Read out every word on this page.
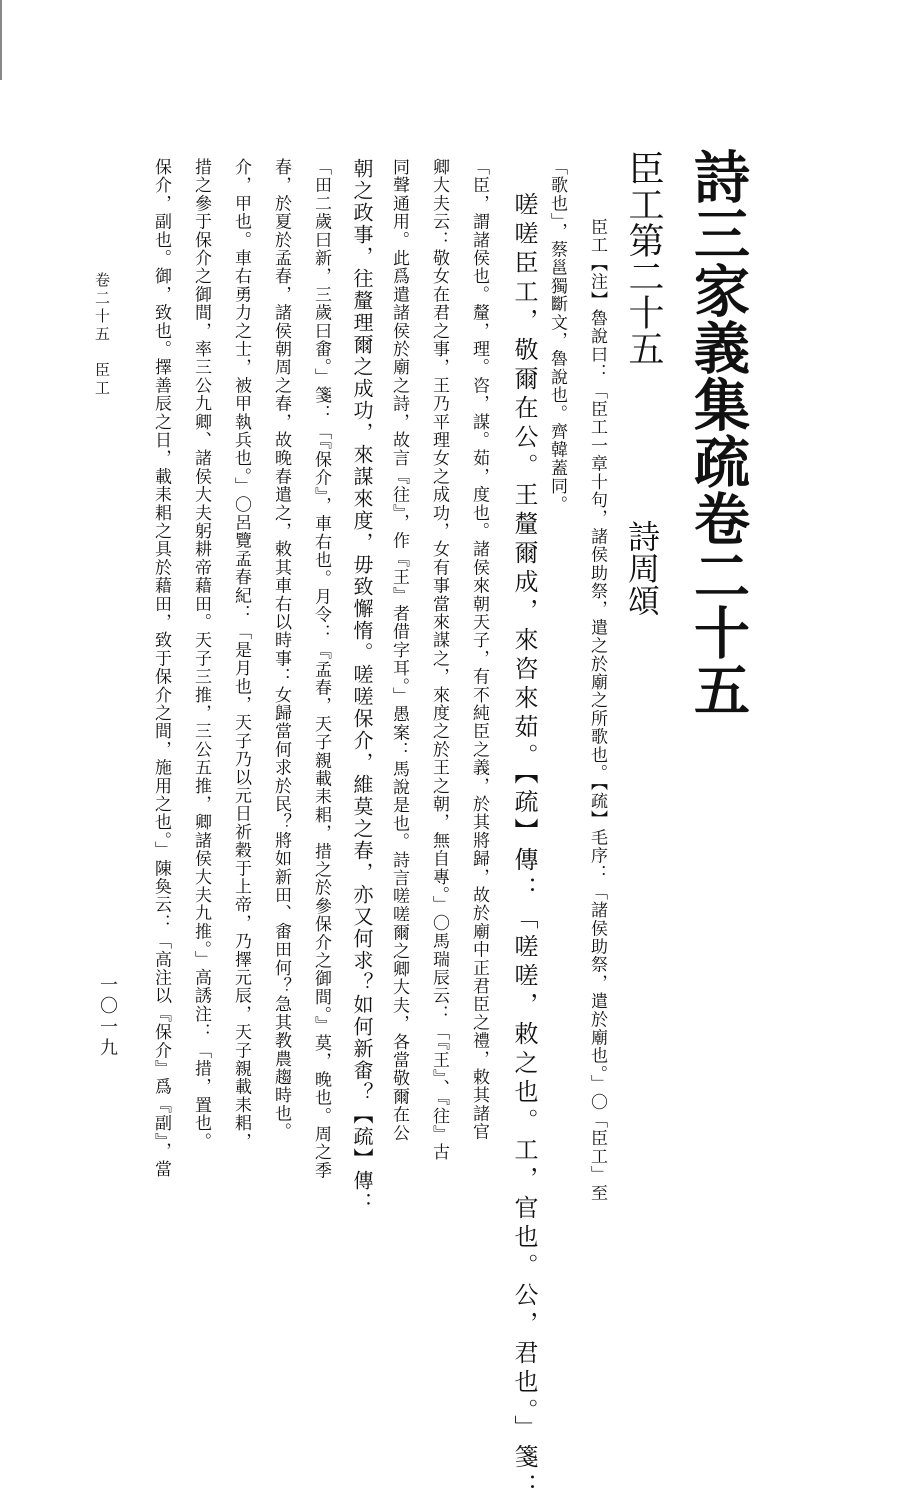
詩三家義集疏卷二十五
臣工第二十五
詩周頌
臣工【注】魯說曰：「臣工一章十句，諸侯助祭，遣之於廟之所歌也。【疏】毛序：「諸侯助祭，遣於廟也。」〇「臣工」至
「歌也」，蔡邕獨斷文，魯說也。齊韓蓋同。
嗟嗟臣工，敬爾在公。王釐爾成，來咨來茹。【疏】傳：「嗟嗟，敕之也。工，官也。公，君也。」箋：
「臣，謂諸侯也。釐，理。咨，謀。茹，度也。諸侯來朝天子，有不純臣之義，於其將歸，故於廟中正君臣之禮，敕其諸官
卿大夫云：敬女在君之事，王乃平理女之成功，女有事當來謀之，來度之於王之朝，無自專。」〇馬瑞辰云：「『王』、『往』古
同聲通用。此爲遣諸侯於廟之詩，故言『往』，作『王』者借字耳。」愚案：馬說是也。詩言嗟嗟爾之卿大夫，各當敬爾在公
朝之政事，往釐理爾之成功，來謀來度，毋致懈惰。嗟嗟保介，維莫之春，亦又何求？如何新畬？【疏】傳：
「田二歲曰新，三歲曰畬。」箋：「『保介』，車右也。月令：『孟春，天子親載耒耜，措之於參保介之御間。』莫，晚也。周之季
春，於夏於孟春，諸侯朝周之春，故晚春遣之，敕其車右以時事：女歸當何求於民？將如新田、畬田何？急其教農趨時也。
介，甲也。車右勇力之士，被甲執兵也。」〇呂覽孟春紀：「是月也，天子乃以元日祈穀于上帝，乃擇元辰，天子親載耒耜，
措之參于保介之御間，率三公九卿、諸侯大夫躬耕帝藉田。天子三推，三公五推，卿諸侯大夫九推。」高誘注：「措，置也。
保介，副也。御，致也。擇善辰之日，載耒耜之具於藉田，致于保介之間，施用之也。」陳奐云：「高注以『保介』爲『副』，當
卷二十五　臣工
一〇一九
